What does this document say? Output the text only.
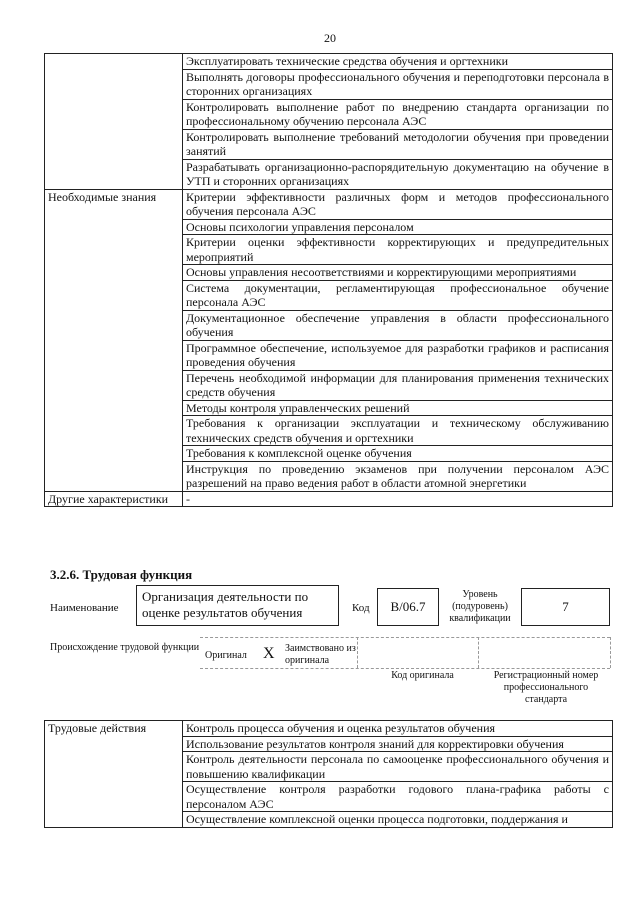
20
	Эксплуатировать технические средства обучения и оргтехники
	Выполнять договоры профессионального обучения и переподготовки персонала в сторонних организациях
	Контролировать выполнение работ по внедрению стандарта организации по профессиональному обучению персонала АЭС
	Контролировать выполнение требований методологии обучения при проведении занятий
	Разрабатывать организационно-распорядительную документацию на обучение в УТП и сторонних организациях
Необходимые знания	Критерии эффективности различных форм и методов профессионального обучения персонала АЭС
	Основы психологии управления персоналом
	Критерии оценки эффективности корректирующих и предупредительных мероприятий
	Основы управления несоответствиями и корректирующими мероприятиями
	Система документации, регламентирующая профессиональное обучение персонала АЭС
	Документационное обеспечение управления в области профессионального обучения
	Программное обеспечение, используемое для разработки графиков и расписания проведения обучения
	Перечень необходимой информации для планирования применения технических средств обучения
	Методы контроля управленческих решений
	Требования к организации эксплуатации и техническому обслуживанию технических средств обучения и оргтехники
	Требования к комплексной оценке обучения
	Инструкция по проведению экзаменов при получении персоналом АЭС разрешений на право ведения работ в области атомной энергетики
Другие характеристики	-
3.2.6. Трудовая функция
Наименование
Организация деятельности по оценке результатов обучения	Код	B/06.7
Уровень (подуровень) квалификации
7
Происхождение трудовой функции
Оригинал X Заимствовано из оригинала
Код оригинала	Регистрационный номер профессионального стандарта
Трудовые действия	Контроль процесса обучения и оценка результатов обучения
Использование результатов контроля знаний для корректировки обучения
Контроль деятельности персонала по самооценке профессионального обучения и повышению квалификации
Осуществление контроля разработки годового плана-графика работы с персоналом АЭС
Осуществление комплексной оценки процесса подготовки, поддержания и
